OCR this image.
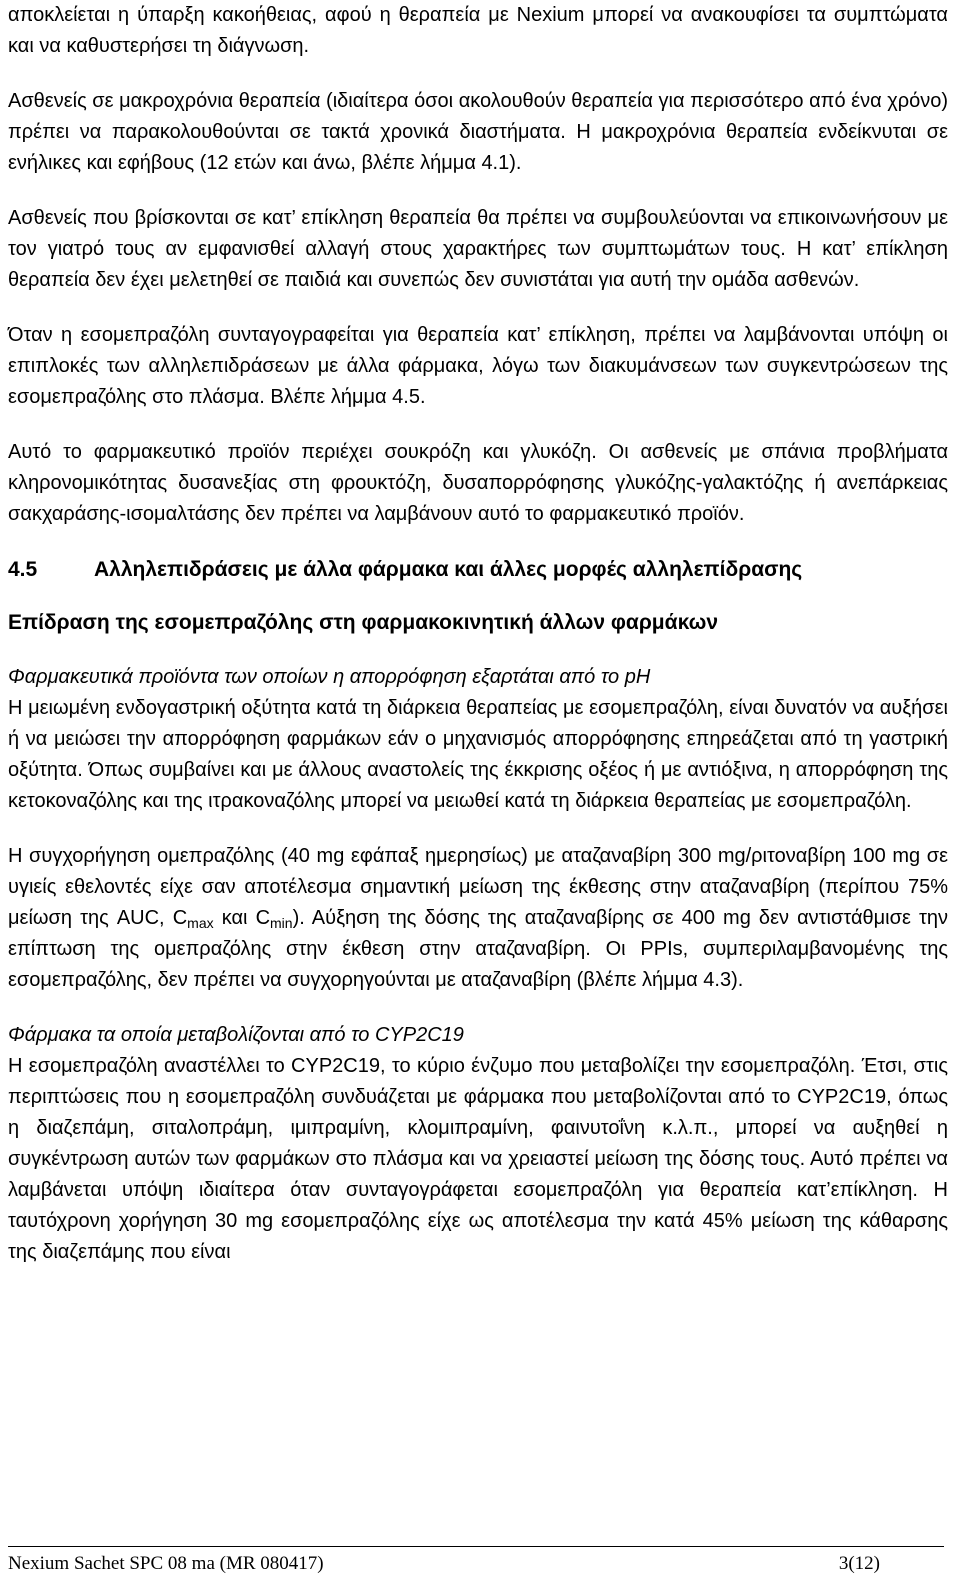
αποκλείεται η ύπαρξη κακοήθειας, αφού η θεραπεία με Nexium μπορεί να ανακουφίσει τα συμπτώματα και να καθυστερήσει τη διάγνωση.

Ασθενείς σε μακροχρόνια θεραπεία (ιδιαίτερα όσοι ακολουθούν θεραπεία για περισσότερο από ένα χρόνο) πρέπει να παρακολουθούνται σε τακτά χρονικά διαστήματα. Η μακροχρόνια θεραπεία ενδείκνυται σε ενήλικες και εφήβους (12 ετών και άνω, βλέπε λήμμα 4.1).

Ασθενείς που βρίσκονται σε κατ’ επίκληση θεραπεία θα πρέπει να συμβουλεύονται να επικοινωνήσουν με τον γιατρό τους αν εμφανισθεί αλλαγή στους χαρακτήρες των συμπτωμάτων τους. Η κατ’ επίκληση θεραπεία δεν έχει μελετηθεί σε παιδιά και συνεπώς δεν συνιστάται για αυτή την ομάδα ασθενών.

Όταν η εσομεπραζόλη συνταγογραφείται για θεραπεία κατ’ επίκληση, πρέπει να λαμβάνονται υπόψη οι επιπλοκές των αλληλεπιδράσεων με άλλα φάρμακα, λόγω των διακυμάνσεων των συγκεντρώσεων της εσομεπραζόλης στο πλάσμα. Βλέπε λήμμα 4.5.

Αυτό το φαρμακευτικό προϊόν περιέχει σουκρόζη και γλυκόζη. Οι ασθενείς με σπάνια προβλήματα κληρονομικότητας δυσανεξίας στη φρουκτόζη, δυσαπορρόφησης γλυκόζης-γαλακτόζης ή ανεπάρκειας σακχαράσης-ισομαλτάσης δεν πρέπει να λαμβάνουν αυτό το φαρμακευτικό προϊόν.

4.5	Αλληλεπιδράσεις με άλλα φάρμακα και άλλες μορφές αλληλεπίδρασης
Επίδραση της εσομεπραζόλης στη φαρμακοκινητική άλλων φαρμάκων
Φαρμακευτικά προϊόντα των οποίων η απορρόφηση εξαρτάται από το pH
Η μειωμένη ενδογαστρική οξύτητα κατά τη διάρκεια θεραπείας με εσομεπραζόλη, είναι δυνατόν να αυξήσει ή να μειώσει την απορρόφηση φαρμάκων εάν ο μηχανισμός απορρόφησης επηρεάζεται από τη γαστρική οξύτητα. Όπως συμβαίνει και με άλλους αναστολείς της έκκρισης οξέος ή με αντιόξινα, η απορρόφηση της κετοκοναζόλης και της ιτρακοναζόλης μπορεί να μειωθεί κατά τη διάρκεια θεραπείας με εσομεπραζόλη.

Η συγχορήγηση ομεπραζόλης (40 mg εφάπαξ ημερησίως) με αταζαναβίρη 300 mg/ριτοναβίρη 100 mg σε υγιείς εθελοντές είχε σαν αποτέλεσμα σημαντική μείωση της έκθεσης στην αταζαναβίρη (περίπου 75% μείωση της AUC, $C_{max}$ και $C_{min}$). Αύξηση της δόσης της αταζαναβίρης σε 400 mg δεν αντιστάθμισε την επίπτωση της ομεπραζόλης στην έκθεση στην αταζαναβίρη. Οι PPIs, συμπεριλαμβανομένης της εσομεπραζόλης, δεν πρέπει να συγχορηγούνται με αταζαναβίρη (βλέπε λήμμα 4.3).

Φάρμακα τα οποία μεταβολίζονται από το CYP2C19
Η εσομεπραζόλη αναστέλλει το CYP2C19, το κύριο ένζυμο που μεταβολίζει την εσομεπραζόλη. Έτσι, στις περιπτώσεις που η εσομεπραζόλη συνδυάζεται με φάρμακα που μεταβολίζονται από το CYP2C19, όπως η διαζεπάμη, σιταλοπράμη, ιμιπραμίνη, κλομιπραμίνη, φαινυτοΐνη κ.λ.π., μπορεί να αυξηθεί η συγκέντρωση αυτών των φαρμάκων στο πλάσμα και να χρειαστεί μείωση της δόσης τους. Αυτό πρέπει να λαμβάνεται υπόψη ιδιαίτερα όταν συνταγογράφεται εσομεπραζόλη για θεραπεία κατ’επίκληση. Η ταυτόχρονη χορήγηση 30 mg εσομεπραζόλης είχε ως αποτέλεσμα την κατά 45% μείωση της κάθαρσης της διαζεπάμης που είναι
Nexium Sachet SPC 08 ma (MR 080417)	3(12)
